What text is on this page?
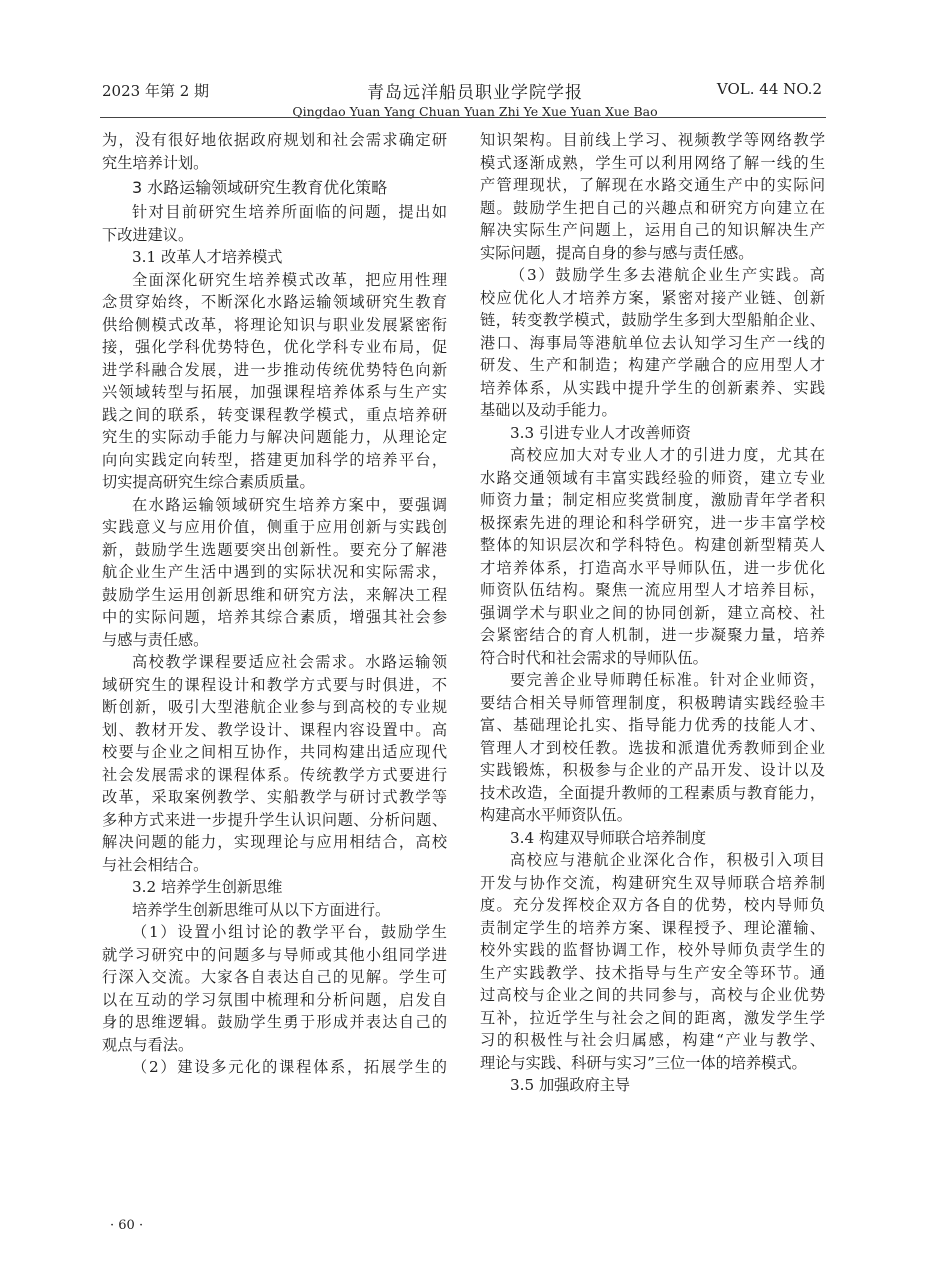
2023 年第 2 期	青岛远洋船员职业学院学报
Qingdao Yuan Yang Chuan Yuan Zhi Ye Xue Yuan Xue Bao
VOL. 44 NO.2
为，没有很好地依据政府规划和社会需求确定研
究生培养计划。
3 水路运输领域研究生教育优化策略
针对目前研究生培养所面临的问题，提出如
下改进建议。
3.1 改革人才培养模式
全面深化研究生培养模式改革，把应用性理
念贯穿始终，不断深化水路运输领域研究生教育
供给侧模式改革，将理论知识与职业发展紧密衔
接，强化学科优势特色，优化学科专业布局，促
进学科融合发展，进一步推动传统优势特色向新
兴领域转型与拓展，加强课程培养体系与生产实
践之间的联系，转变课程教学模式，重点培养研
究生的实际动手能力与解决问题能力，从理论定
向向实践定向转型，搭建更加科学的培养平台，
切实提高研究生综合素质质量。
在水路运输领域研究生培养方案中，要强调
实践意义与应用价值，侧重于应用创新与实践创
新，鼓励学生选题要突出创新性。要充分了解港
航企业生产生活中遇到的实际状况和实际需求，
鼓励学生运用创新思维和研究方法，来解决工程
中的实际问题，培养其综合素质，增强其社会参
与感与责任感。
高校教学课程要适应社会需求。水路运输领
域研究生的课程设计和教学方式要与时俱进，不
断创新，吸引大型港航企业参与到高校的专业规
划、教材开发、教学设计、课程内容设置中。高
校要与企业之间相互协作，共同构建出适应现代
社会发展需求的课程体系。传统教学方式要进行
改革，采取案例教学、实船教学与研讨式教学等
多种方式来进一步提升学生认识问题、分析问题、
解决问题的能力，实现理论与应用相结合，高校
与社会相结合。
3.2 培养学生创新思维
培养学生创新思维可从以下方面进行。
（1）设置小组讨论的教学平台，鼓励学生
就学习研究中的问题多与导师或其他小组同学进
行深入交流。大家各自表达自己的见解。学生可
以在互动的学习氛围中梳理和分析问题，启发自
身的思维逻辑。鼓励学生勇于形成并表达自己的
观点与看法。
（2）建设多元化的课程体系，拓展学生的
知识架构。目前线上学习、视频教学等网络教学
模式逐渐成熟，学生可以利用网络了解一线的生
产管理现状，了解现在水路交通生产中的实际问
题。鼓励学生把自己的兴趣点和研究方向建立在
解决实际生产问题上，运用自己的知识解决生产
实际问题，提高自身的参与感与责任感。
（3）鼓励学生多去港航企业生产实践。高
校应优化人才培养方案，紧密对接产业链、创新
链，转变教学模式，鼓励学生多到大型船舶企业、
港口、海事局等港航单位去认知学习生产一线的
研发、生产和制造；构建产学融合的应用型人才
培养体系，从实践中提升学生的创新素养、实践
基础以及动手能力。
3.3 引进专业人才改善师资
高校应加大对专业人才的引进力度，尤其在
水路交通领域有丰富实践经验的师资，建立专业
师资力量；制定相应奖赏制度，激励青年学者积
极探索先进的理论和科学研究，进一步丰富学校
整体的知识层次和学科特色。构建创新型精英人
才培养体系，打造高水平导师队伍，进一步优化
师资队伍结构。聚焦一流应用型人才培养目标，
强调学术与职业之间的协同创新，建立高校、社
会紧密结合的育人机制，进一步凝聚力量，培养
符合时代和社会需求的导师队伍。
要完善企业导师聘任标准。针对企业师资，
要结合相关导师管理制度，积极聘请实践经验丰
富、基础理论扎实、指导能力优秀的技能人才、
管理人才到校任教。选拔和派遣优秀教师到企业
实践锻炼，积极参与企业的产品开发、设计以及
技术改造，全面提升教师的工程素质与教育能力，
构建高水平师资队伍。
3.4 构建双导师联合培养制度
高校应与港航企业深化合作，积极引入项目
开发与协作交流，构建研究生双导师联合培养制
度。充分发挥校企双方各自的优势，校内导师负
责制定学生的培养方案、课程授予、理论灌输、
校外实践的监督协调工作，校外导师负责学生的
生产实践教学、技术指导与生产安全等环节。通
过高校与企业之间的共同参与，高校与企业优势
互补，拉近学生与社会之间的距离，激发学生学
习的积极性与社会归属感，构建“产业与教学、
理论与实践、科研与实习”三位一体的培养模式。
3.5 加强政府主导
· 60 ·
